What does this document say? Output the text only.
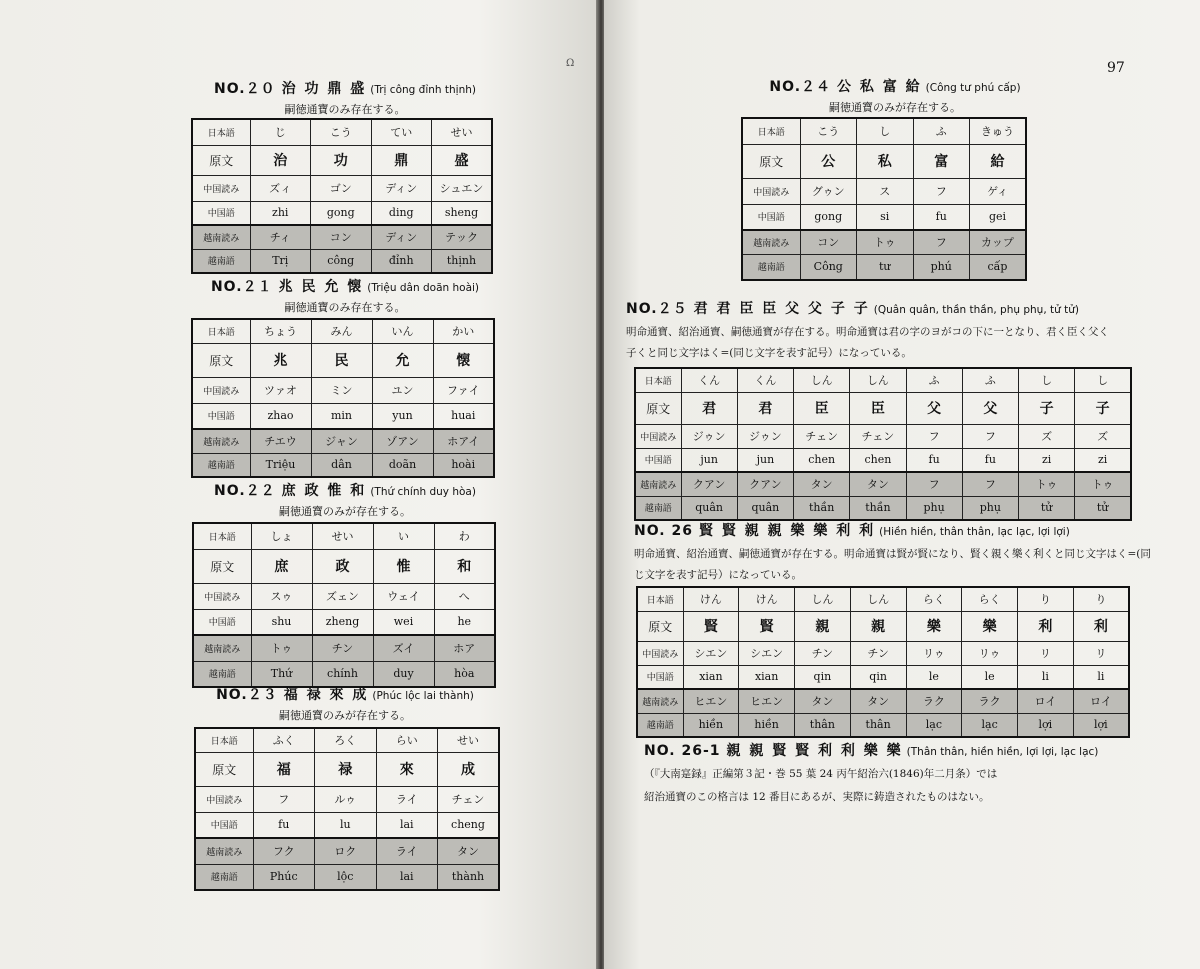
Ω	97
NO.２０ 治 功 鼎 盛 (Trị công đỉnh thịnh)
嗣徳通寶のみ存在する。
日本語	じ	こう	てい	せい
原文	治	功	鼎	盛
中国読み	ズィ	ゴン	ディン	シュエン
中国語	zhi	gong	ding	sheng
越南読み	チィ	コン	ディン	テック
越南語	Trị	công	đỉnh	thịnh
NO.２１ 兆 民 允 懐 (Triệu dân doãn hoài)
嗣徳通寶のみ存在する。
日本語	ちょう	みん	いん	かい
原文	兆	民	允	懐
中国読み	ツァオ	ミン	ユン	ファイ
中国語	zhao	min	yun	huai
越南読み	チエウ	ジャン	ゾアン	ホアイ
越南語	Triệu	dân	doãn	hoài
NO.２２ 庶 政 惟 和 (Thứ chính duy hòa)
嗣徳通寶のみが存在する。
日本語	しょ	せい	い	わ
原文	庶	政	惟	和
中国読み	スゥ	ズェン	ウェイ	へ
中国語	shu	zheng	wei	he
越南読み	トゥ	チン	ズイ	ホア
越南語	Thứ	chính	duy	hòa
NO.２３ 福 禄 來 成 (Phúc lộc lai thành)
嗣徳通寶のみが存在する。
日本語	ふく	ろく	らい	せい
原文	福	禄	來	成
中国読み	フ	ルゥ	ライ	チェン
中国語	fu	lu	lai	cheng
越南読み	フク	ロク	ライ	タン
越南語	Phúc	lộc	lai	thành
NO.２４ 公 私 富 給 (Công tư phú cấp)
嗣徳通寶のみが存在する。
日本語	こう	し	ふ	きゅう
原文	公	私	富	給
中国読み	グゥン	ス	フ	ゲィ
中国語	gong	si	fu	gei
越南読み	コン	トゥ	フ	カップ
越南語	Công	tư	phú	cấp
NO.２５ 君 君 臣 臣 父 父 子 子 (Quân quân, thần thần, phụ phụ, tử tử)
明命通寶、紹治通寶、嗣徳通寶が存在する。明命通寶は君の字のヨがコの下に一となり、君く臣く父く
子くと同じ文字はく=(同じ文字を表す記号）になっている。
日本語	くん	くん	しん	しん	ふ	ふ	し	し
原文	君	君	臣	臣	父	父	子	子
中国読み	ジゥン	ジゥン	チェン	チェン	フ	フ	ズ	ズ
中国語	jun	jun	chen	chen	fu	fu	zi	zi
越南読み	クアン	クアン	タン	タン	フ	フ	トゥ	トゥ
越南語	quân	quân	thần	thần	phụ	phụ	tử	tử
NO. 26 賢 賢 親 親 樂 樂 利 利 (Hiền hiền, thân thân, lạc lạc, lợi lợi)
明命通寶、紹治通寶、嗣徳通寶が存在する。明命通寶は賢が賢になり、賢く親く樂く利くと同じ文字はく=(同
じ文字を表す記号）になっている。
日本語	けん	けん	しん	しん	らく	らく	り	り
原文	賢	賢	親	親	樂	樂	利	利
中国読み	シエン	シエン	チン	チン	リゥ	リゥ	リ	リ
中国語	xian	xian	qin	qin	le	le	li	li
越南読み	ヒエン	ヒエン	タン	タン	ラク	ラク	ロイ	ロイ
越南語	hiền	hiền	thân	thân	lạc	lạc	lợi	lợi
NO. 26-1 親 親 賢 賢 利 利 樂 樂 (Thân thân, hiền hiền, lợi lợi, lạc lạc)
（『大南寔録』正編第３記・巻 55 葉 24 丙午紹治六(1846)年二月条）では
紹治通寶のこの格言は 12 番目にあるが、実際に鋳造されたものはない。
